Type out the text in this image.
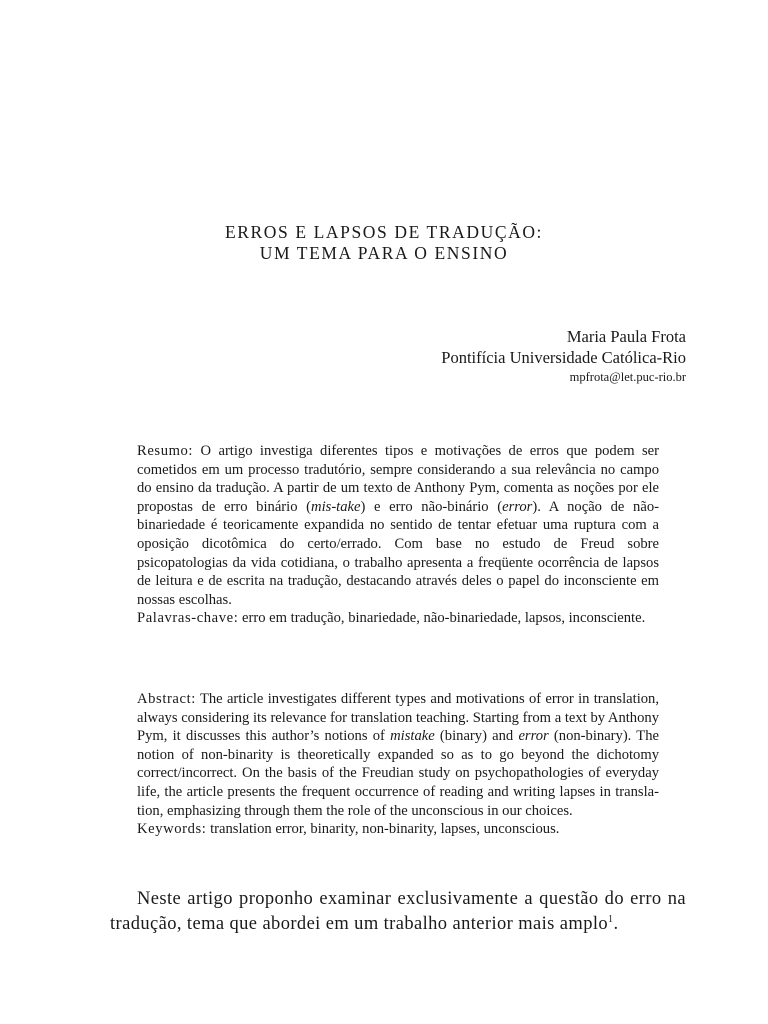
ERROS E LAPSOS DE TRADUÇÃO:
UM TEMA PARA O ENSINO
Maria Paula Frota
Pontifícia Universidade Católica-Rio
mpfrota@let.puc-rio.br

Resumo: O artigo investiga diferentes tipos e motivações de erros que podem ser cometidos em um processo tradutório, sempre considerando a sua relevância no campo do ensino da tradução. A partir de um texto de Anthony Pym, comenta as noções por ele propostas de erro binário (mis-take) e erro não-binário (error). A noção de não-binariedade é teoricamente expandida no sentido de tentar efetuar uma ruptura com a oposição dicotômica do certo/errado. Com base no estudo de Freud sobre psicopatologias da vida cotidiana, o trabalho apresenta a freqüente ocorrência de lapsos de leitura e de escrita na tradução, destacando através deles o papel do inconsciente em nossas escolhas.

Palavras-chave: erro em tradução, binariedade, não-binariedade, lapsos, inconsciente.

Abstract: The article investigates different types and motivations of error in translation, always considering its relevance for translation teaching. Starting from a text by Anthony Pym, it discusses this author’s notions of mistake (binary) and error (non-binary). The notion of non-binarity is theoretically expanded so as to go beyond the dichotomy correct/incorrect. On the basis of the Freudian study on psychopathologies of everyday life, the article presents the frequent occurrence of reading and writing lapses in transla-tion, emphasizing through them the role of the unconscious in our choices.

Keywords: translation error, binarity, non-binarity, lapses, unconscious.

Neste artigo proponho examinar exclusivamente a questão do erro na tradução, tema que abordei em um trabalho anterior mais amplo$^1$.
